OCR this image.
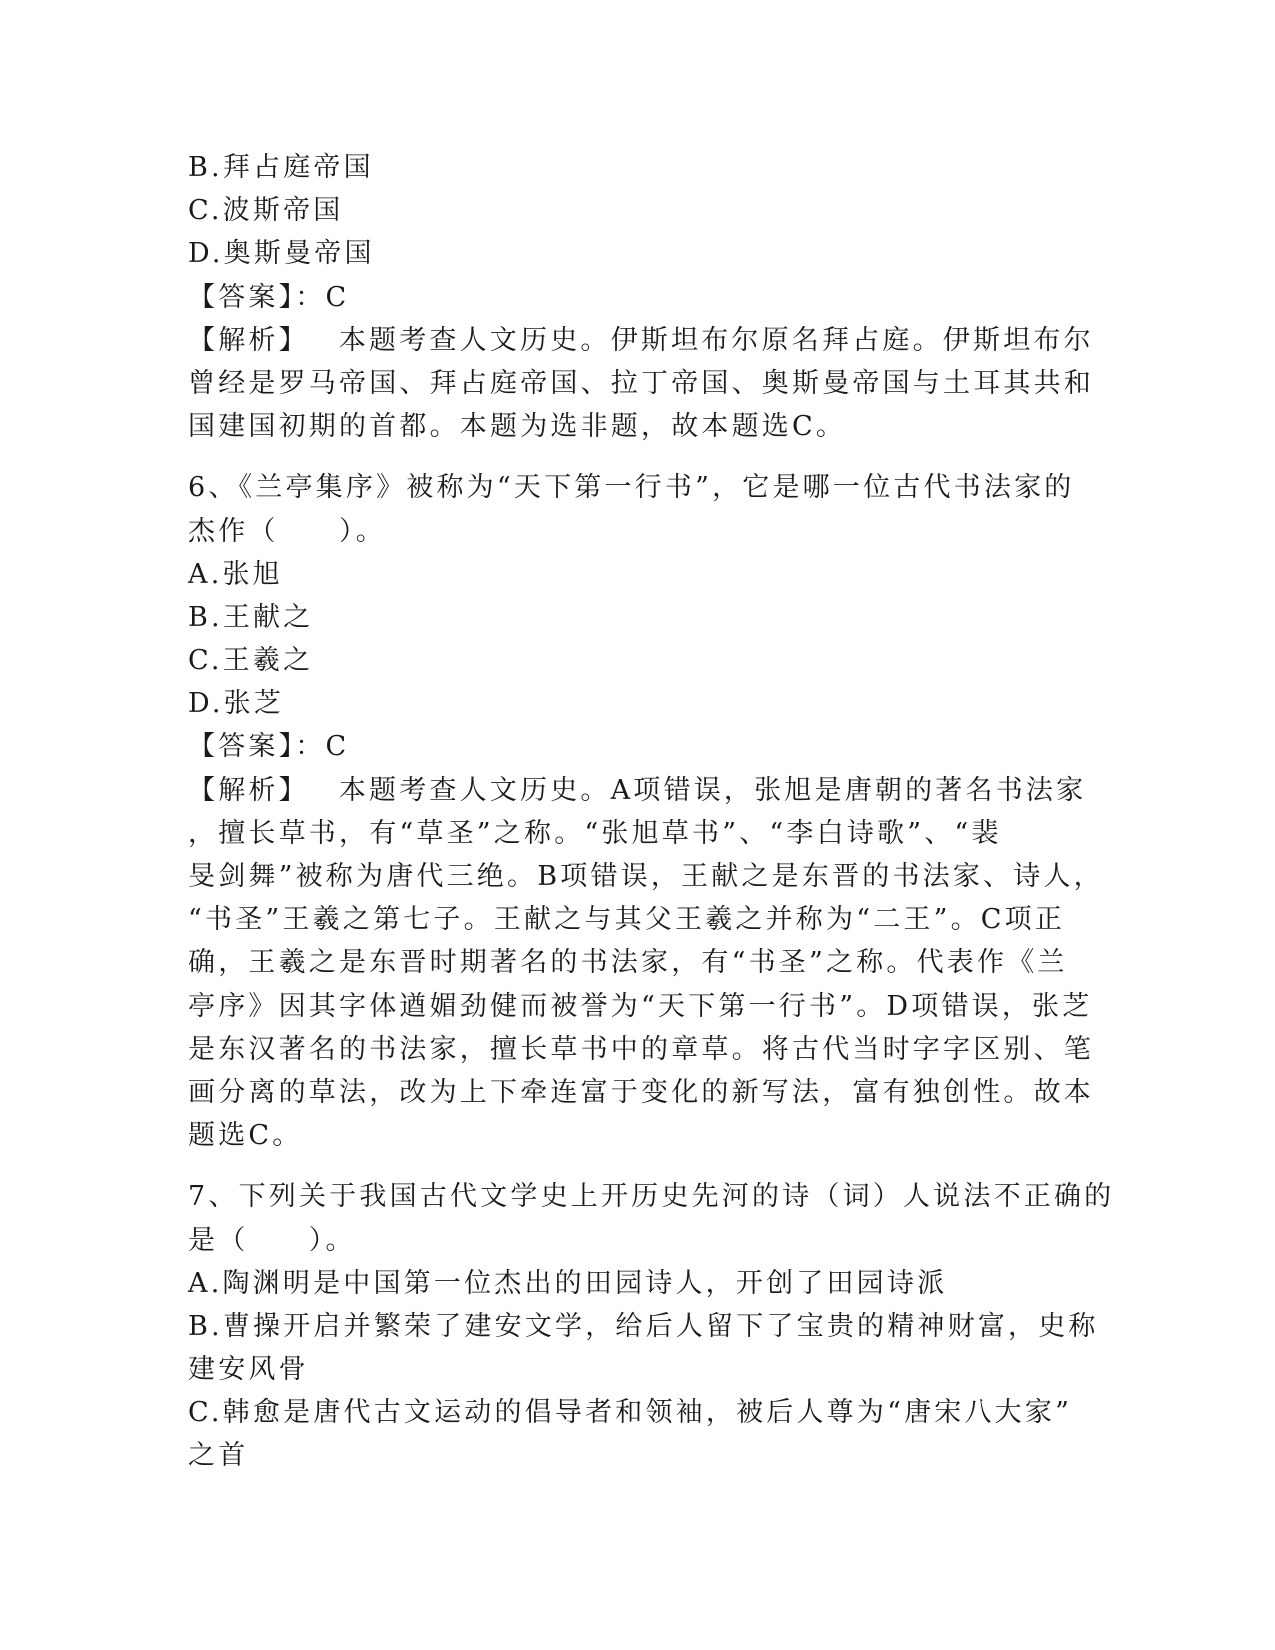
B.拜占庭帝国
C.波斯帝国
D.奥斯曼帝国
【答案】：C
【解析】 本题考查人文历史。伊斯坦布尔原名拜占庭。伊斯坦布尔
曾经是罗马帝国、拜占庭帝国、拉丁帝国、奥斯曼帝国与土耳其共和
国建国初期的首都。本题为选非题，故本题选C。
6、《兰亭集序》被称为“天下第一行书”，它是哪一位古代书法家的
杰作（　　）。
A.张旭
B.王献之
C.王羲之
D.张芝
【答案】：C
【解析】 本题考查人文历史。A项错误，张旭是唐朝的著名书法家
，擅长草书，有“草圣”之称。“张旭草书”、“李白诗歌”、“裴
旻剑舞”被称为唐代三绝。B项错误，王献之是东晋的书法家、诗人，
“书圣”王羲之第七子。王献之与其父王羲之并称为“二王”。C项正
确，王羲之是东晋时期著名的书法家，有“书圣”之称。代表作《兰
亭序》因其字体遒媚劲健而被誉为“天下第一行书”。D项错误，张芝
是东汉著名的书法家，擅长草书中的章草。将古代当时字字区别、笔
画分离的草法，改为上下牵连富于变化的新写法，富有独创性。故本
题选C。
7、下列关于我国古代文学史上开历史先河的诗（词）人说法不正确的
是（　　）。
A.陶渊明是中国第一位杰出的田园诗人，开创了田园诗派
B.曹操开启并繁荣了建安文学，给后人留下了宝贵的精神财富，史称
建安风骨
C.韩愈是唐代古文运动的倡导者和领袖，被后人尊为“唐宋八大家”
之首
